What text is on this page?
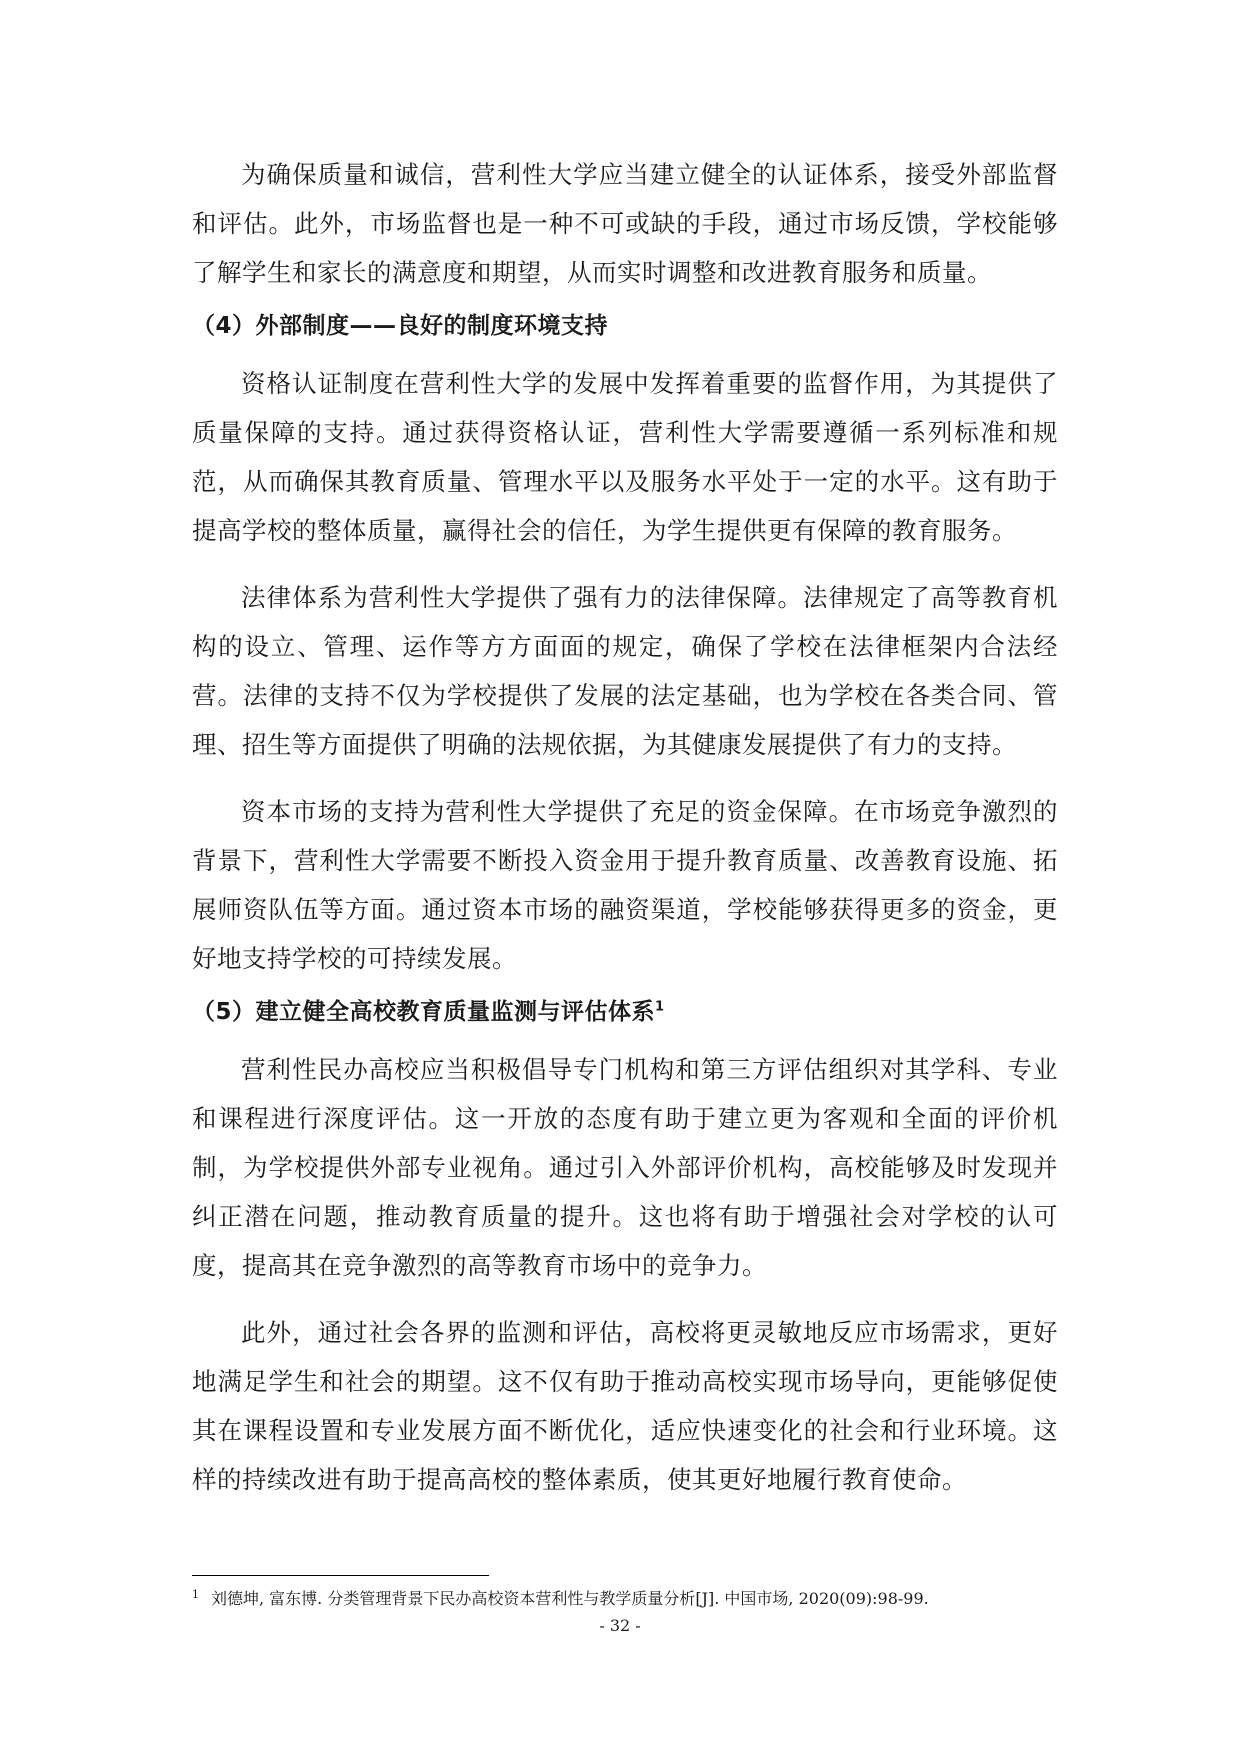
为确保质量和诚信，营利性大学应当建立健全的认证体系，接受外部监督和评估。此外，市场监督也是一种不可或缺的手段，通过市场反馈，学校能够了解学生和家长的满意度和期望，从而实时调整和改进教育服务和质量。

（4）外部制度——良好的制度环境支持

资格认证制度在营利性大学的发展中发挥着重要的监督作用，为其提供了质量保障的支持。通过获得资格认证，营利性大学需要遵循一系列标准和规范，从而确保其教育质量、管理水平以及服务水平处于一定的水平。这有助于提高学校的整体质量，赢得社会的信任，为学生提供更有保障的教育服务。

法律体系为营利性大学提供了强有力的法律保障。法律规定了高等教育机构的设立、管理、运作等方方面面的规定，确保了学校在法律框架内合法经营。法律的支持不仅为学校提供了发展的法定基础，也为学校在各类合同、管理、招生等方面提供了明确的法规依据，为其健康发展提供了有力的支持。

资本市场的支持为营利性大学提供了充足的资金保障。在市场竞争激烈的背景下，营利性大学需要不断投入资金用于提升教育质量、改善教育设施、拓展师资队伍等方面。通过资本市场的融资渠道，学校能够获得更多的资金，更好地支持学校的可持续发展。

（5）建立健全高校教育质量监测与评估体系$^1$

营利性民办高校应当积极倡导专门机构和第三方评估组织对其学科、专业和课程进行深度评估。这一开放的态度有助于建立更为客观和全面的评价机制，为学校提供外部专业视角。通过引入外部评价机构，高校能够及时发现并纠正潜在问题，推动教育质量的提升。这也将有助于增强社会对学校的认可度，提高其在竞争激烈的高等教育市场中的竞争力。

此外，通过社会各界的监测和评估，高校将更灵敏地反应市场需求，更好地满足学生和社会的期望。这不仅有助于推动高校实现市场导向，更能够促使其在课程设置和专业发展方面不断优化，适应快速变化的社会和行业环境。这样的持续改进有助于提高高校的整体素质，使其更好地履行教育使命。

$^1$ 刘德坤, 富东博. 分类管理背景下民办高校资本营利性与教学质量分析[J]. 中国市场, 2020(09):98-99.
- 32 -
